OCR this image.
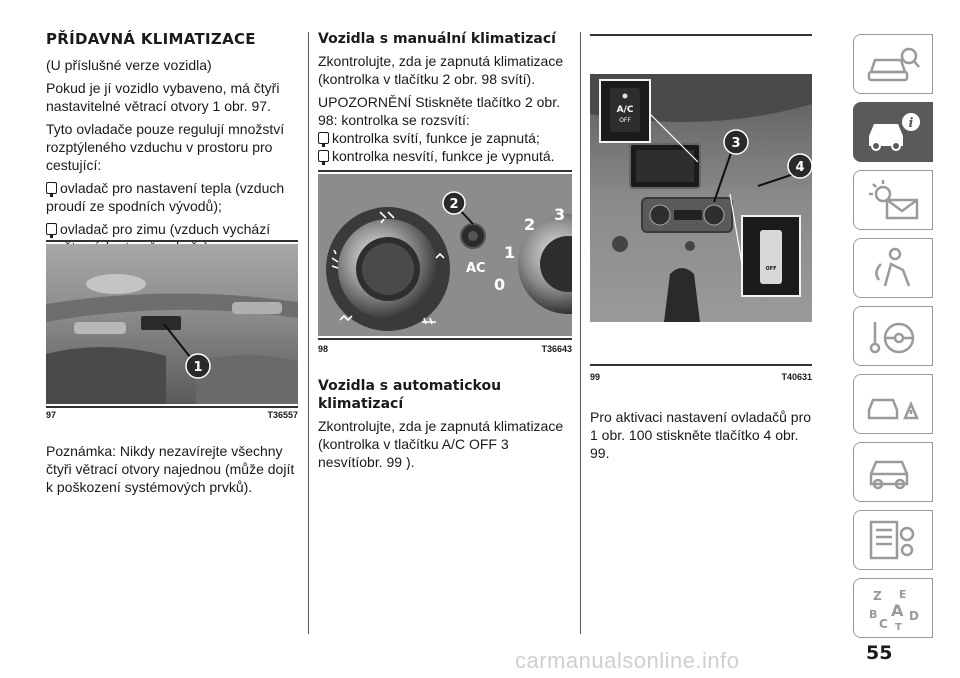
PŘÍDAVNÁ KLIMATIZACE
(U příslušné verze vozidla)
Pokud je jí vozidlo vybaveno, má čtyři nastavitelné větrací otvory 1 obr. 97.
Tyto ovladače pouze regulují množství rozptýleného vzduchu v prostoru pro cestující:
ovladač pro nastavení tepla (vzduch
proudí ze spodních vývodů);
ovladač pro zimu (vzduch vychází

1
97	T36557
Poznámka: Nikdy nezavírejte všechny čtyři větrací otvory najednou (může dojít k poškození systémových prvků).
Vozidla s manuální klimatizací
Zkontrolujte, zda je zapnutá klimatizace (kontrolka v tlačítku 2 obr. 98 svítí).
UPOZORNĚNÍ Stiskněte tlačítko 2 obr. 98: kontrolka se rozsvítí:
kontrolka svítí, funkce je zapnutá;
kontrolka nesvítí, funkce je vypnutá.
2
AC
1
0
2
3
98	T36643
Vozidla s automatickou klimatizací
Zkontrolujte, zda je zapnutá klimatizace (kontrolka v tlačítku A/C OFF 3 nesvítíobr. 99 ).
A/C
OFF
OFF
3
4
99	T40631
Pro aktivaci nastavení ovladačů pro 1 obr. 100 stiskněte tlačítko 4 obr. 99.
i
Z E
B A D
C T
carmanualsonline.info	55
